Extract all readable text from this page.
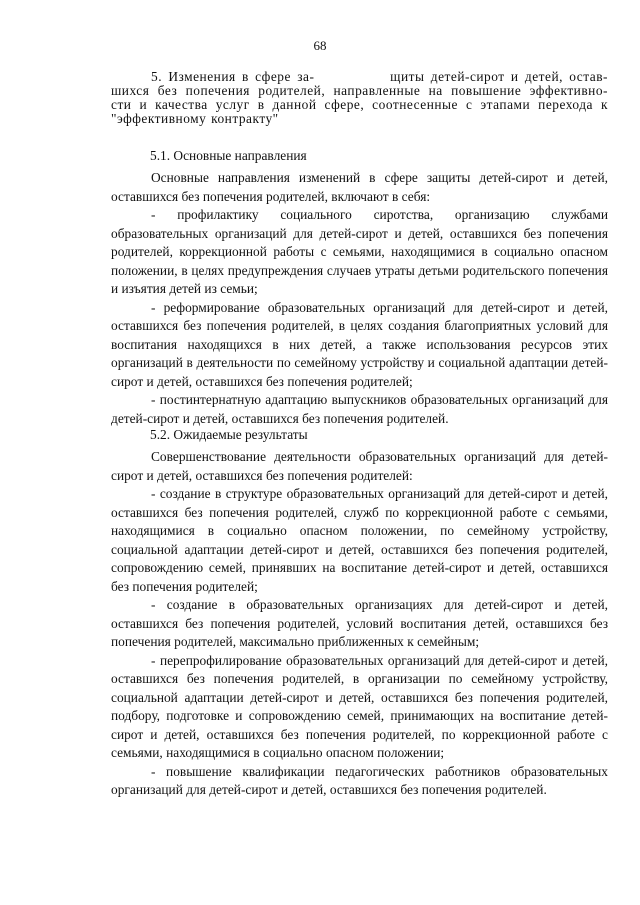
68
5. Изменения в сфере за-            щиты детей-сирот и детей, остав-
шихся без попечения родителей, направленные на повышение эффективно-
сти и качества услуг в данной сфере, соотнесенные с этапами перехода к
"эффективному контракту"
5.1. Основные направления

Основные направления изменений в сфере защиты детей-сирот и детей, оставшихся без попечения родителей, включают в себя:

- профилактику социального сиротства, организацию службами образовательных организаций для детей-сирот и детей, оставшихся без попечения родителей, коррекционной работы с семьями, находящимися в социально опасном положении, в целях предупреждения случаев утраты детьми родительского попечения и изъятия детей из семьи;

- реформирование образовательных организаций для детей-сирот и детей, оставшихся без попечения родителей, в целях создания благоприятных условий для воспитания находящихся в них детей, а также использования ресурсов этих организаций в деятельности по семейному устройству и социальной адаптации детей-сирот и детей, оставшихся без попечения родителей;

- постинтернатную адаптацию выпускников образовательных организаций для детей-сирот и детей, оставшихся без попечения родителей.

5.2. Ожидаемые результаты

Совершенствование деятельности образовательных организаций для детей-сирот и детей, оставшихся без попечения родителей:

- создание в структуре образовательных организаций для детей-сирот и детей, оставшихся без попечения родителей, служб по коррекционной работе с семьями, находящимися в социально опасном положении, по семейному устройству, социальной адаптации детей-сирот и детей, оставшихся без попечения родителей, сопровождению семей, принявших на воспитание детей-сирот и детей, оставшихся без попечения родителей;

- создание в образовательных организациях для детей-сирот и детей, оставшихся без попечения родителей, условий воспитания детей, оставшихся без попечения родителей, максимально приближенных к семейным;

- перепрофилирование образовательных организаций для детей-сирот и детей, оставшихся без попечения родителей, в организации по семейному устройству, социальной адаптации детей-сирот и детей, оставшихся без попечения родителей, подбору, подготовке и сопровождению семей, принимающих на воспитание детей-сирот и детей, оставшихся без попечения родителей, по коррекционной работе с семьями, находящимися в социально опасном положении;

- повышение квалификации педагогических работников образовательных организаций для детей-сирот и детей, оставшихся без попечения родителей.
